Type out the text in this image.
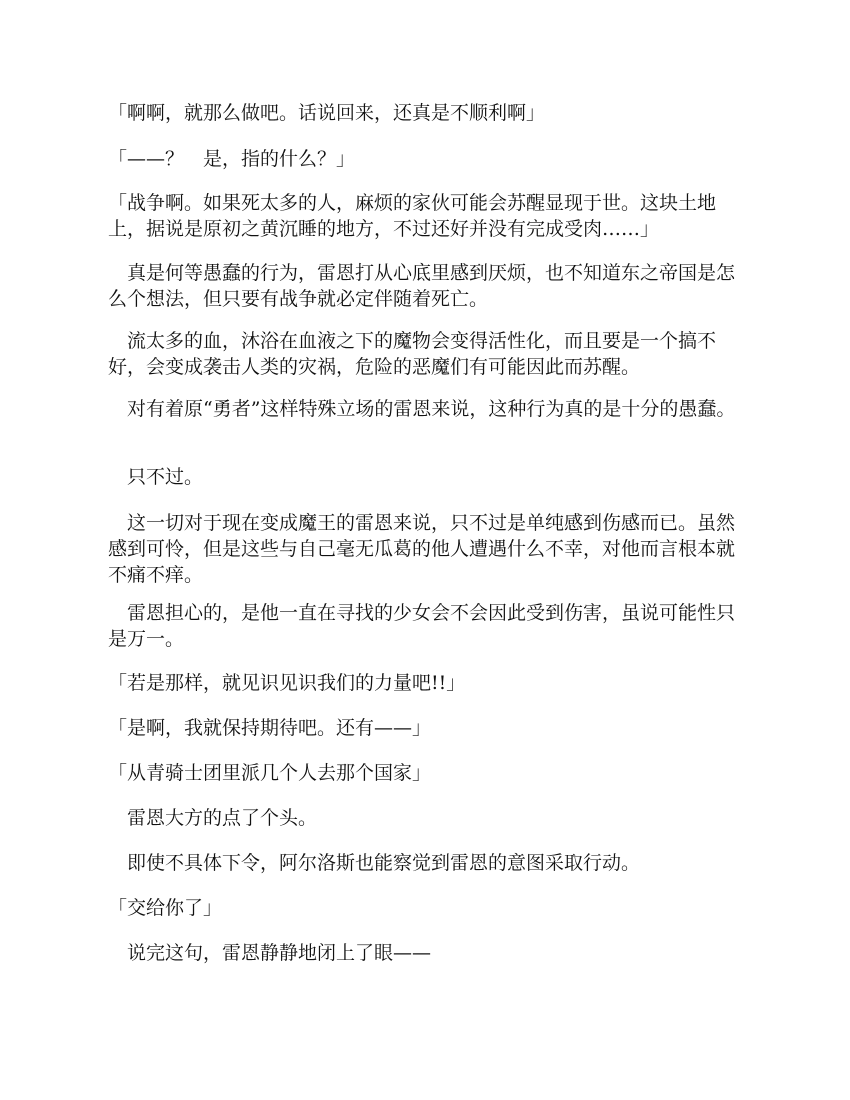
「啊啊，就那么做吧。话说回来，还真是不顺利啊」

「——？　是，指的什么？」

「战争啊。如果死太多的人，麻烦的家伙可能会苏醒显现于世。这块土地上，据说是原初之黄沉睡的地方，不过还好并没有完成受肉……」

　真是何等愚蠢的行为，雷恩打从心底里感到厌烦，也不知道东之帝国是怎么个想法，但只要有战争就必定伴随着死亡。

　流太多的血，沐浴在血液之下的魔物会变得活性化，而且要是一个搞不好，会变成袭击人类的灾祸，危险的恶魔们有可能因此而苏醒。

　对有着原“勇者”这样特殊立场的雷恩来说，这种行为真的是十分的愚蠢。

　只不过。

　这一切对于现在变成魔王的雷恩来说，只不过是单纯感到伤感而已。虽然感到可怜，但是这些与自己毫无瓜葛的他人遭遇什么不幸，对他而言根本就不痛不痒。

　雷恩担心的，是他一直在寻找的少女会不会因此受到伤害，虽说可能性只是万一。

「若是那样，就见识见识我们的力量吧!!」

「是啊，我就保持期待吧。还有——」

「从青骑士团里派几个人去那个国家」

　雷恩大方的点了个头。

　即使不具体下令，阿尔洛斯也能察觉到雷恩的意图采取行动。

「交给你了」

　说完这句，雷恩静静地闭上了眼——
